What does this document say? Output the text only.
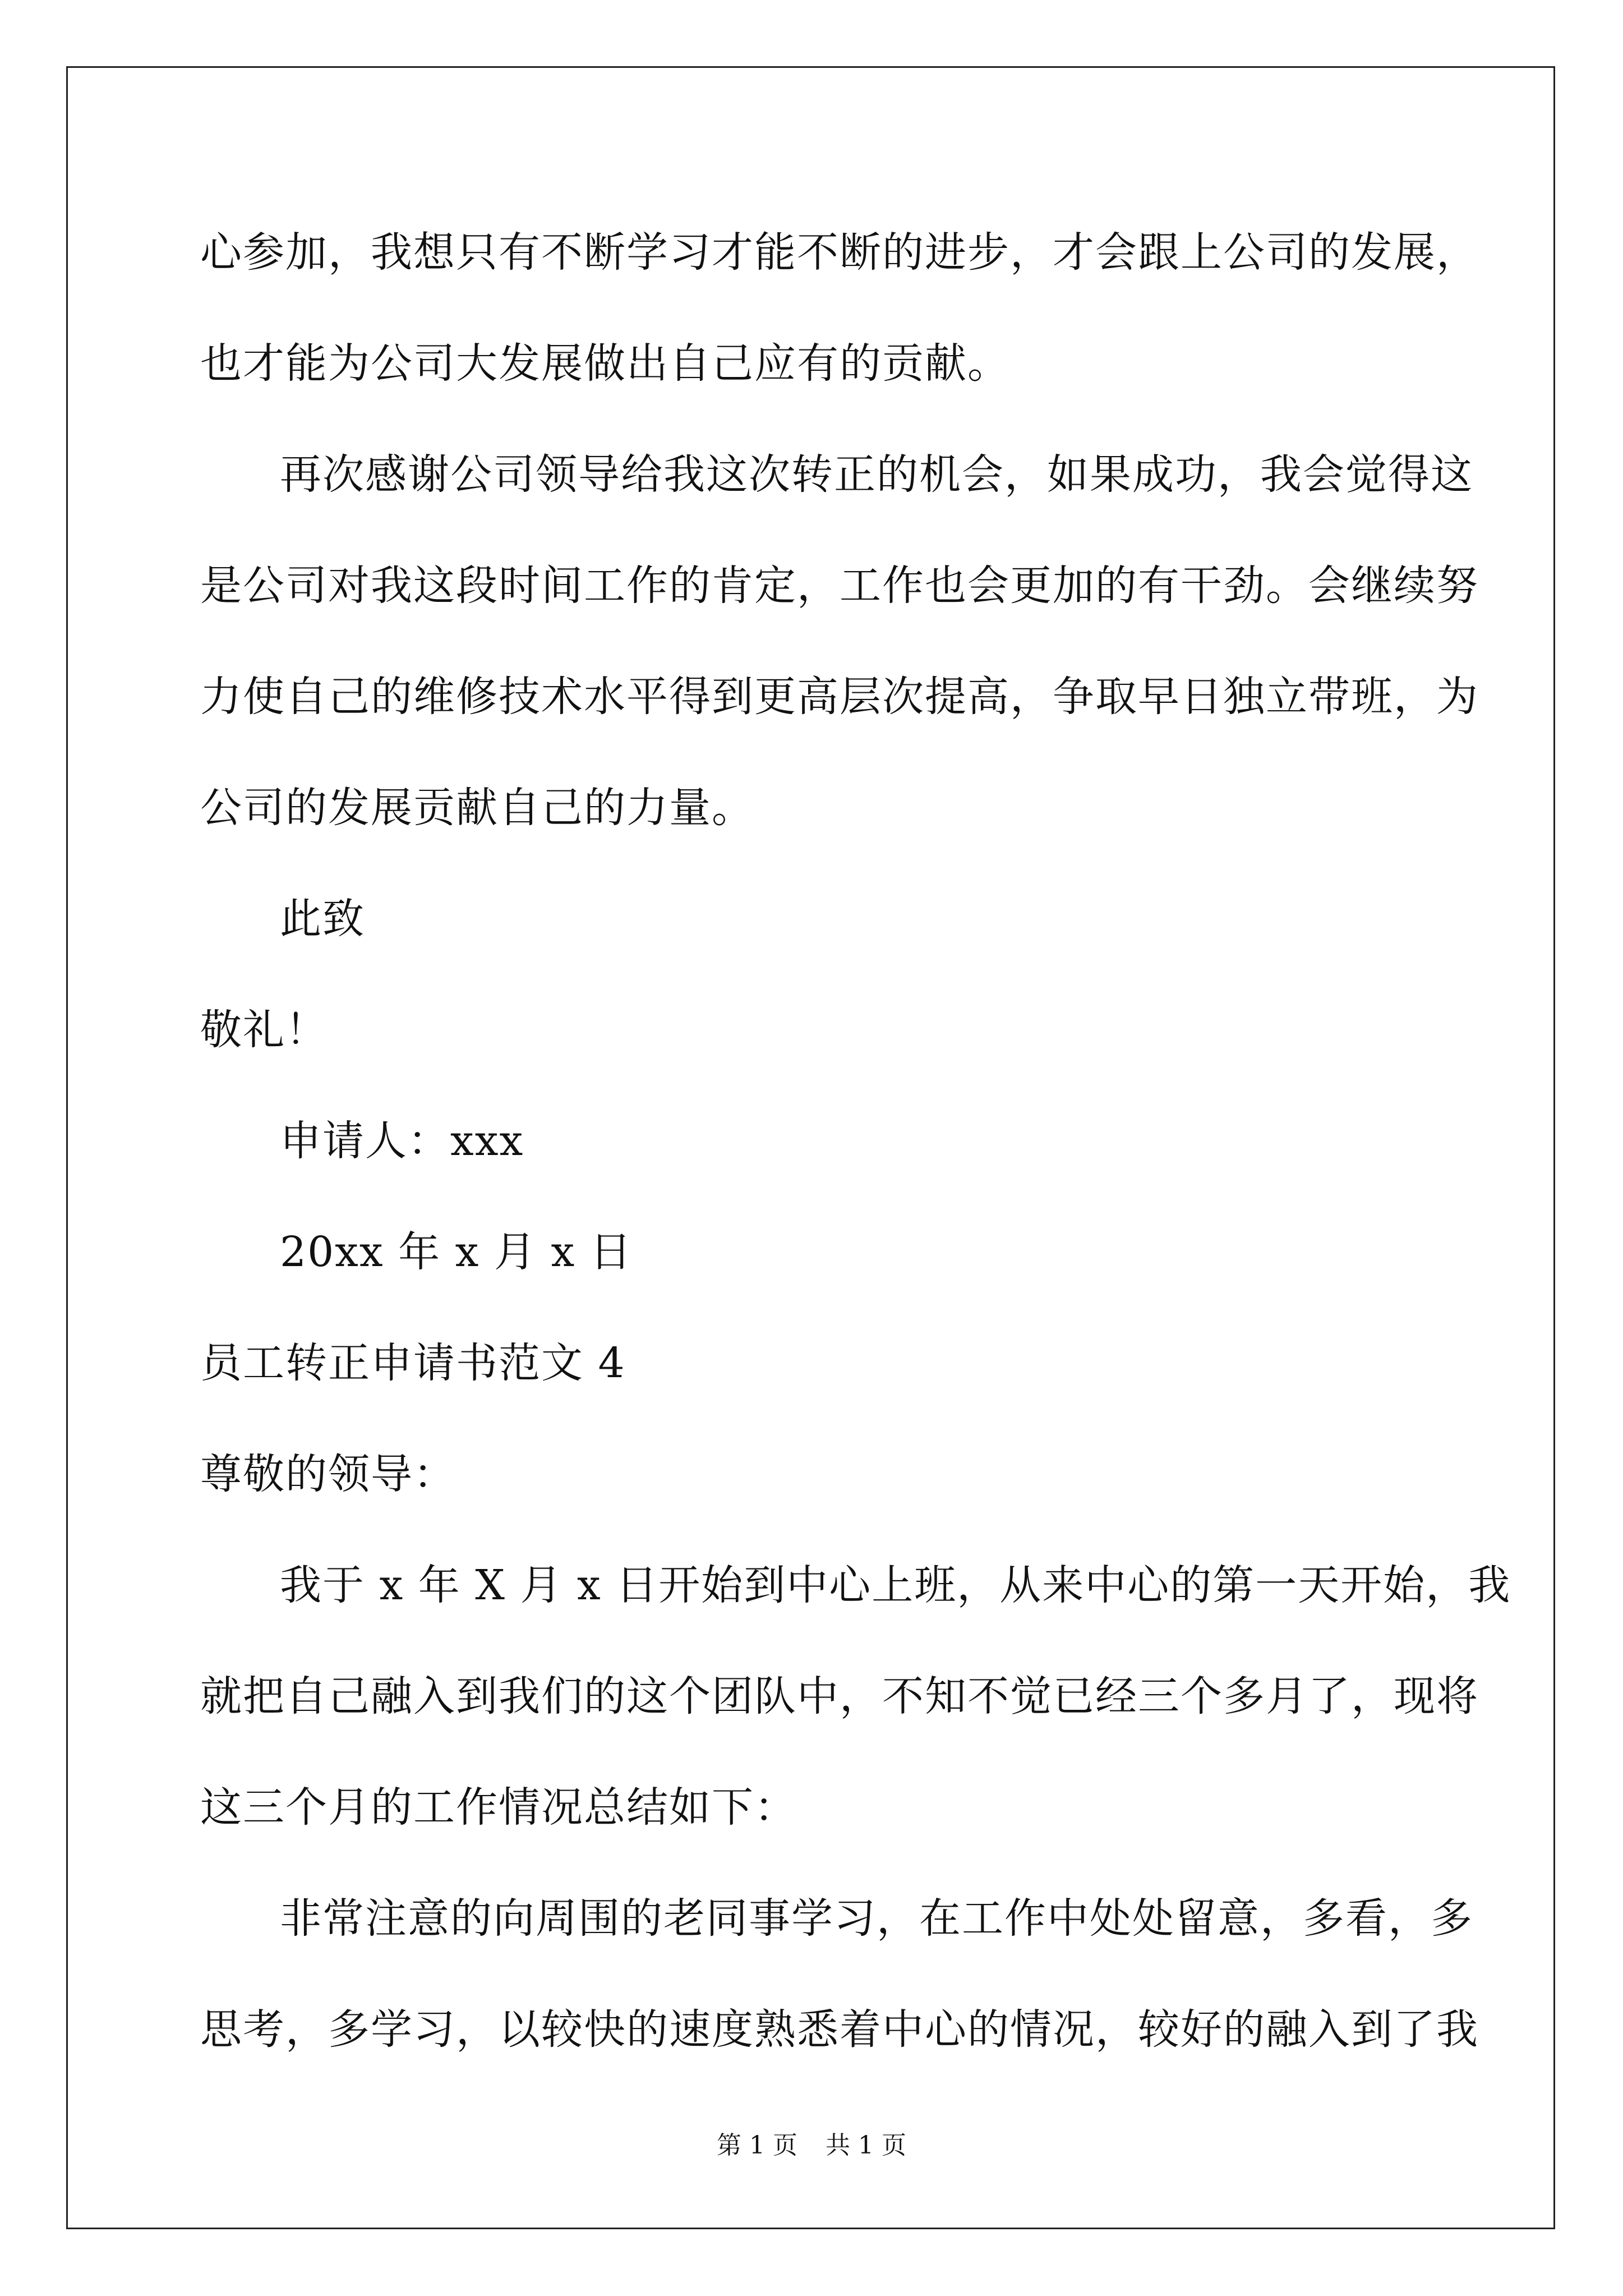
心参加，我想只有不断学习才能不断的进步，才会跟上公司的发展，
也才能为公司大发展做出自己应有的贡献。
再次感谢公司领导给我这次转正的机会，如果成功，我会觉得这
是公司对我这段时间工作的肯定，工作也会更加的有干劲。会继续努
力使自己的维修技术水平得到更高层次提高，争取早日独立带班，为
公司的发展贡献自己的力量。
此致
敬礼！
申请人：xxx
20xx 年 x 月 x 日
员工转正申请书范文 4
尊敬的领导：
我于 x 年 X 月 x 日开始到中心上班，从来中心的第一天开始，我
就把自己融入到我们的这个团队中，不知不觉已经三个多月了，现将
这三个月的工作情况总结如下：
非常注意的向周围的老同事学习，在工作中处处留意，多看，多
思考，多学习，以较快的速度熟悉着中心的情况，较好的融入到了我
第 1 页 共 1 页
